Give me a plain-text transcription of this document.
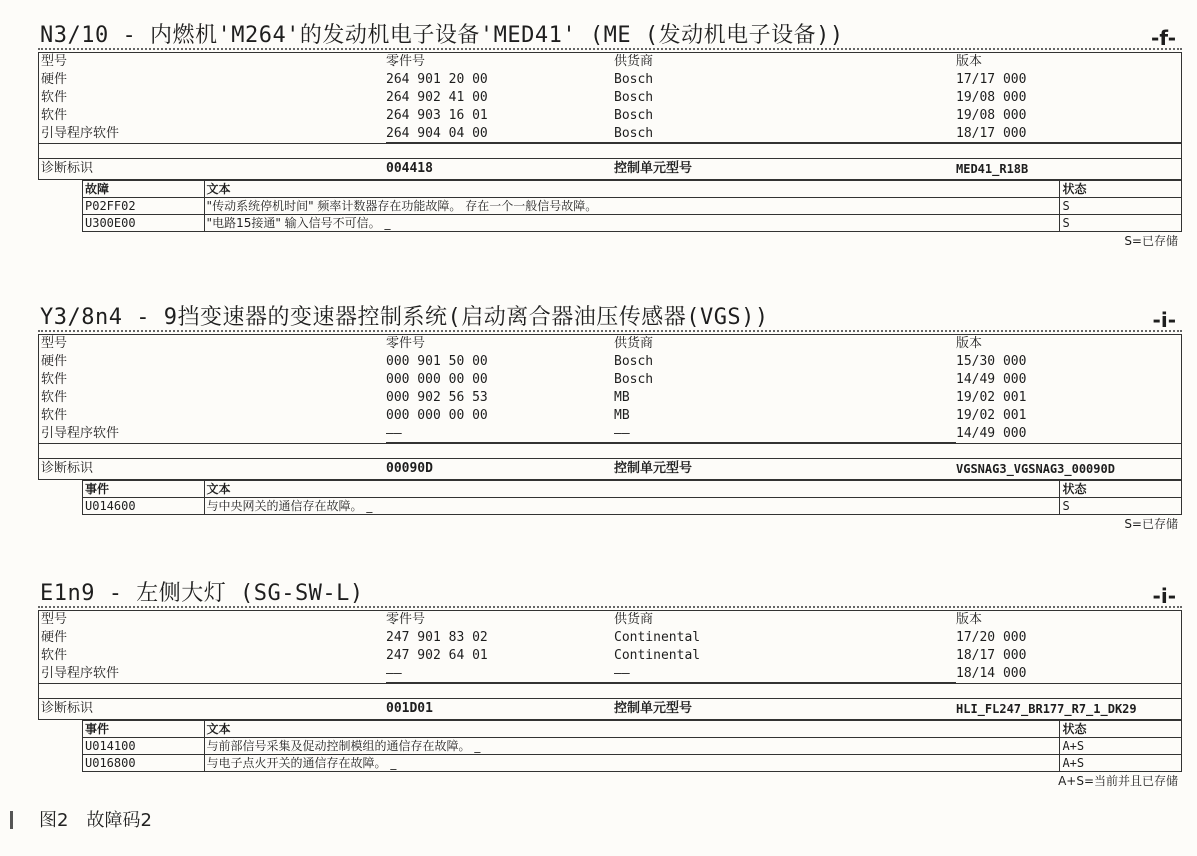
N3/10 - 内燃机'M264'的发动机电子设备'MED41' (ME (发动机电子设备))	-f-
型号	零件号	供货商	版本
硬件	264 901 20 00	Bosch	17/17 000
软件	264 902 41 00	Bosch	19/08 000
软件	264 903 16 01	Bosch	19/08 000
引导程序软件	264 904 04 00	Bosch	18/17 000
诊断标识	004418	控制单元型号	MED41_R18B
故障	文本	状态
P02FF02	"传动系统停机时间" 频率计数器存在功能故障。 存在一个一般信号故障。	S
U300E00	"电路15接通" 输入信号不可信。 _	S
S=已存储
Y3/8n4 - 9挡变速器的变速器控制系统(启动离合器油压传感器(VGS))	-i-
型号	零件号	供货商	版本
硬件	000 901 50 00	Bosch	15/30 000
软件	000 000 00 00	Bosch	14/49 000
软件	000 902 56 53	MB	19/02 001
软件	000 000 00 00	MB	19/02 001
引导程序软件	——	——	14/49 000
诊断标识	00090D	控制单元型号	VGSNAG3_VGSNAG3_00090D
事件	文本	状态
U014600	与中央网关的通信存在故障。 _	S
S=已存储
E1n9 - 左侧大灯 (SG-SW-L)	-i-
型号	零件号	供货商	版本
硬件	247 901 83 02	Continental	17/20 000
软件	247 902 64 01	Continental	18/17 000
引导程序软件	——	——	18/14 000
诊断标识	001D01	控制单元型号	HLI_FL247_BR177_R7_1_DK29
事件	文本	状态
U014100	与前部信号采集及促动控制模组的通信存在故障。 _	A+S
U016800	与电子点火开关的通信存在故障。 _	A+S
A+S=当前并且已存储
图2 故障码2
